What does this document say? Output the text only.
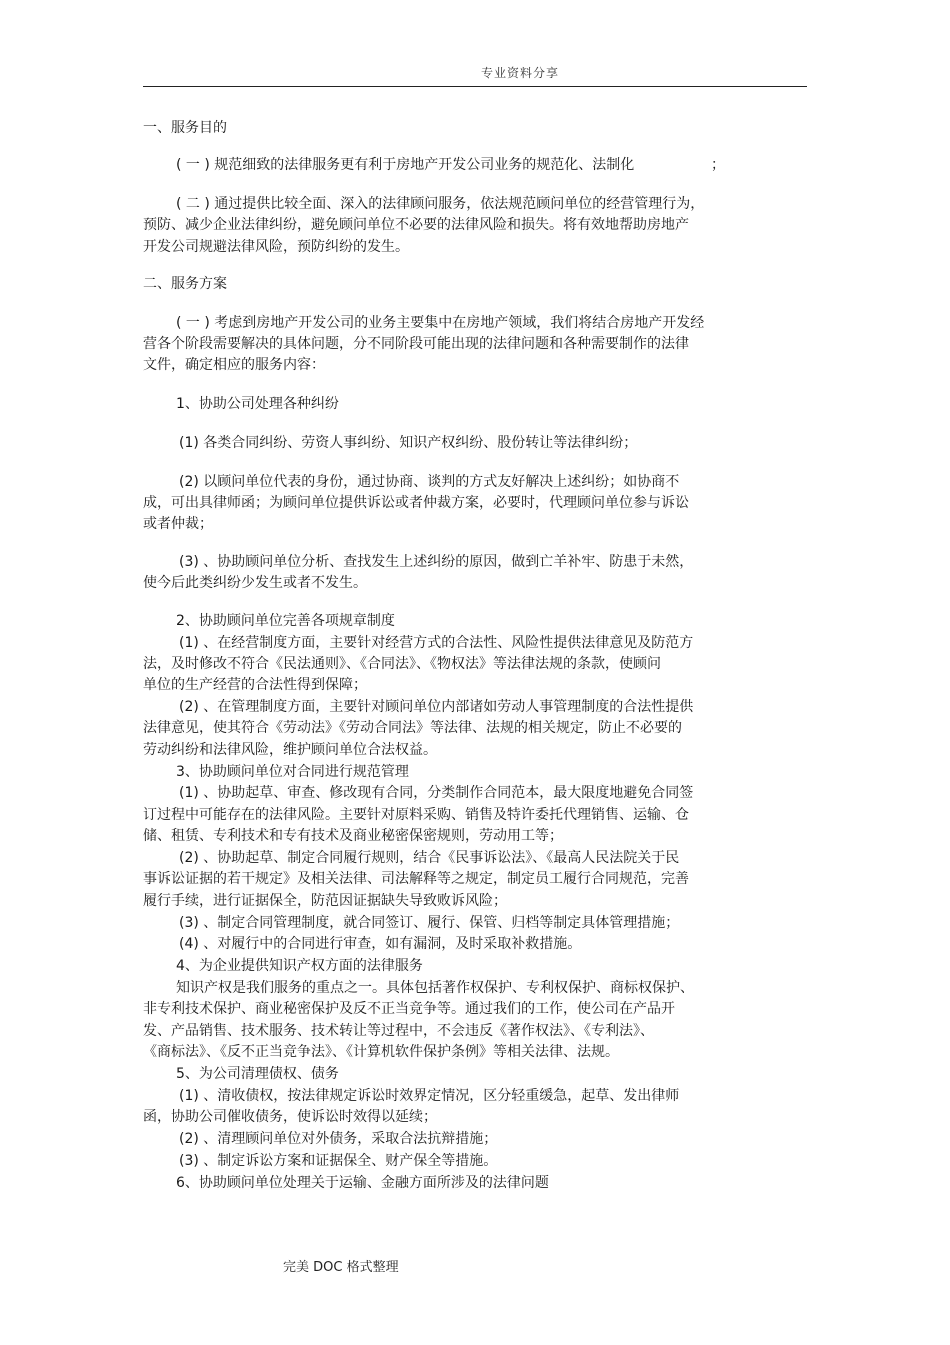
专业资料分享
一、服务目的
( 一 ) 规范细致的法律服务更有利于房地产开发公司业务的规范化、法制化	；
( 二 ) 通过提供比较全面、深入的法律顾问服务，依法规范顾问单位的经营管理行为，
预防、减少企业法律纠纷，避免顾问单位不必要的法律风险和损失。将有效地帮助房地产
开发公司规避法律风险，预防纠纷的发生。
二、服务方案
( 一 ) 考虑到房地产开发公司的业务主要集中在房地产领域，我们将结合房地产开发经
营各个阶段需要解决的具体问题，分不同阶段可能出现的法律问题和各种需要制作的法律
文件，确定相应的服务内容：
1、协助公司处理各种纠纷
(1) 各类合同纠纷、劳资人事纠纷、知识产权纠纷、股份转让等法律纠纷；
(2) 以顾问单位代表的身份，通过协商、谈判的方式友好解决上述纠纷；如协商不
成，可出具律师函；为顾问单位提供诉讼或者仲裁方案，必要时，代理顾问单位参与诉讼
或者仲裁；
(3) 、协助顾问单位分析、查找发生上述纠纷的原因，做到亡羊补牢、防患于未然，
使今后此类纠纷少发生或者不发生。
2、协助顾问单位完善各项规章制度
(1) 、在经营制度方面，主要针对经营方式的合法性、风险性提供法律意见及防范方
法，及时修改不符合《民法通则》、《合同法》、《物权法》等法律法规的条款，使顾问
单位的生产经营的合法性得到保障；
(2) 、在管理制度方面，主要针对顾问单位内部诸如劳动人事管理制度的合法性提供
法律意见，使其符合《劳动法》《劳动合同法》等法律、法规的相关规定，防止不必要的
劳动纠纷和法律风险，维护顾问单位合法权益。
3、协助顾问单位对合同进行规范管理
(1) 、协助起草、审查、修改现有合同，分类制作合同范本，最大限度地避免合同签
订过程中可能存在的法律风险。主要针对原料采购、销售及特许委托代理销售、运输、仓
储、租赁、专利技术和专有技术及商业秘密保密规则，劳动用工等；
(2) 、协助起草、制定合同履行规则，结合《民事诉讼法》、《最高人民法院关于民
事诉讼证据的若干规定》及相关法律、司法解释等之规定，制定员工履行合同规范，完善
履行手续，进行证据保全，防范因证据缺失导致败诉风险；
(3) 、制定合同管理制度，就合同签订、履行、保管、归档等制定具体管理措施；
(4) 、对履行中的合同进行审查，如有漏洞，及时采取补救措施。
4、为企业提供知识产权方面的法律服务
知识产权是我们服务的重点之一。具体包括著作权保护、专利权保护、商标权保护、
非专利技术保护、商业秘密保护及反不正当竞争等。通过我们的工作，使公司在产品开
发、产品销售、技术服务、技术转让等过程中，不会违反《著作权法》、《专利法》、
《商标法》、《反不正当竞争法》、《计算机软件保护条例》等相关法律、法规。
5、为公司清理债权、债务
(1) 、清收债权，按法律规定诉讼时效界定情况，区分轻重缓急，起草、发出律师
函，协助公司催收债务，使诉讼时效得以延续；
(2) 、清理顾问单位对外债务，采取合法抗辩措施；
(3) 、制定诉讼方案和证据保全、财产保全等措施。
6、协助顾问单位处理关于运输、金融方面所涉及的法律问题
完美 DOC 格式整理
